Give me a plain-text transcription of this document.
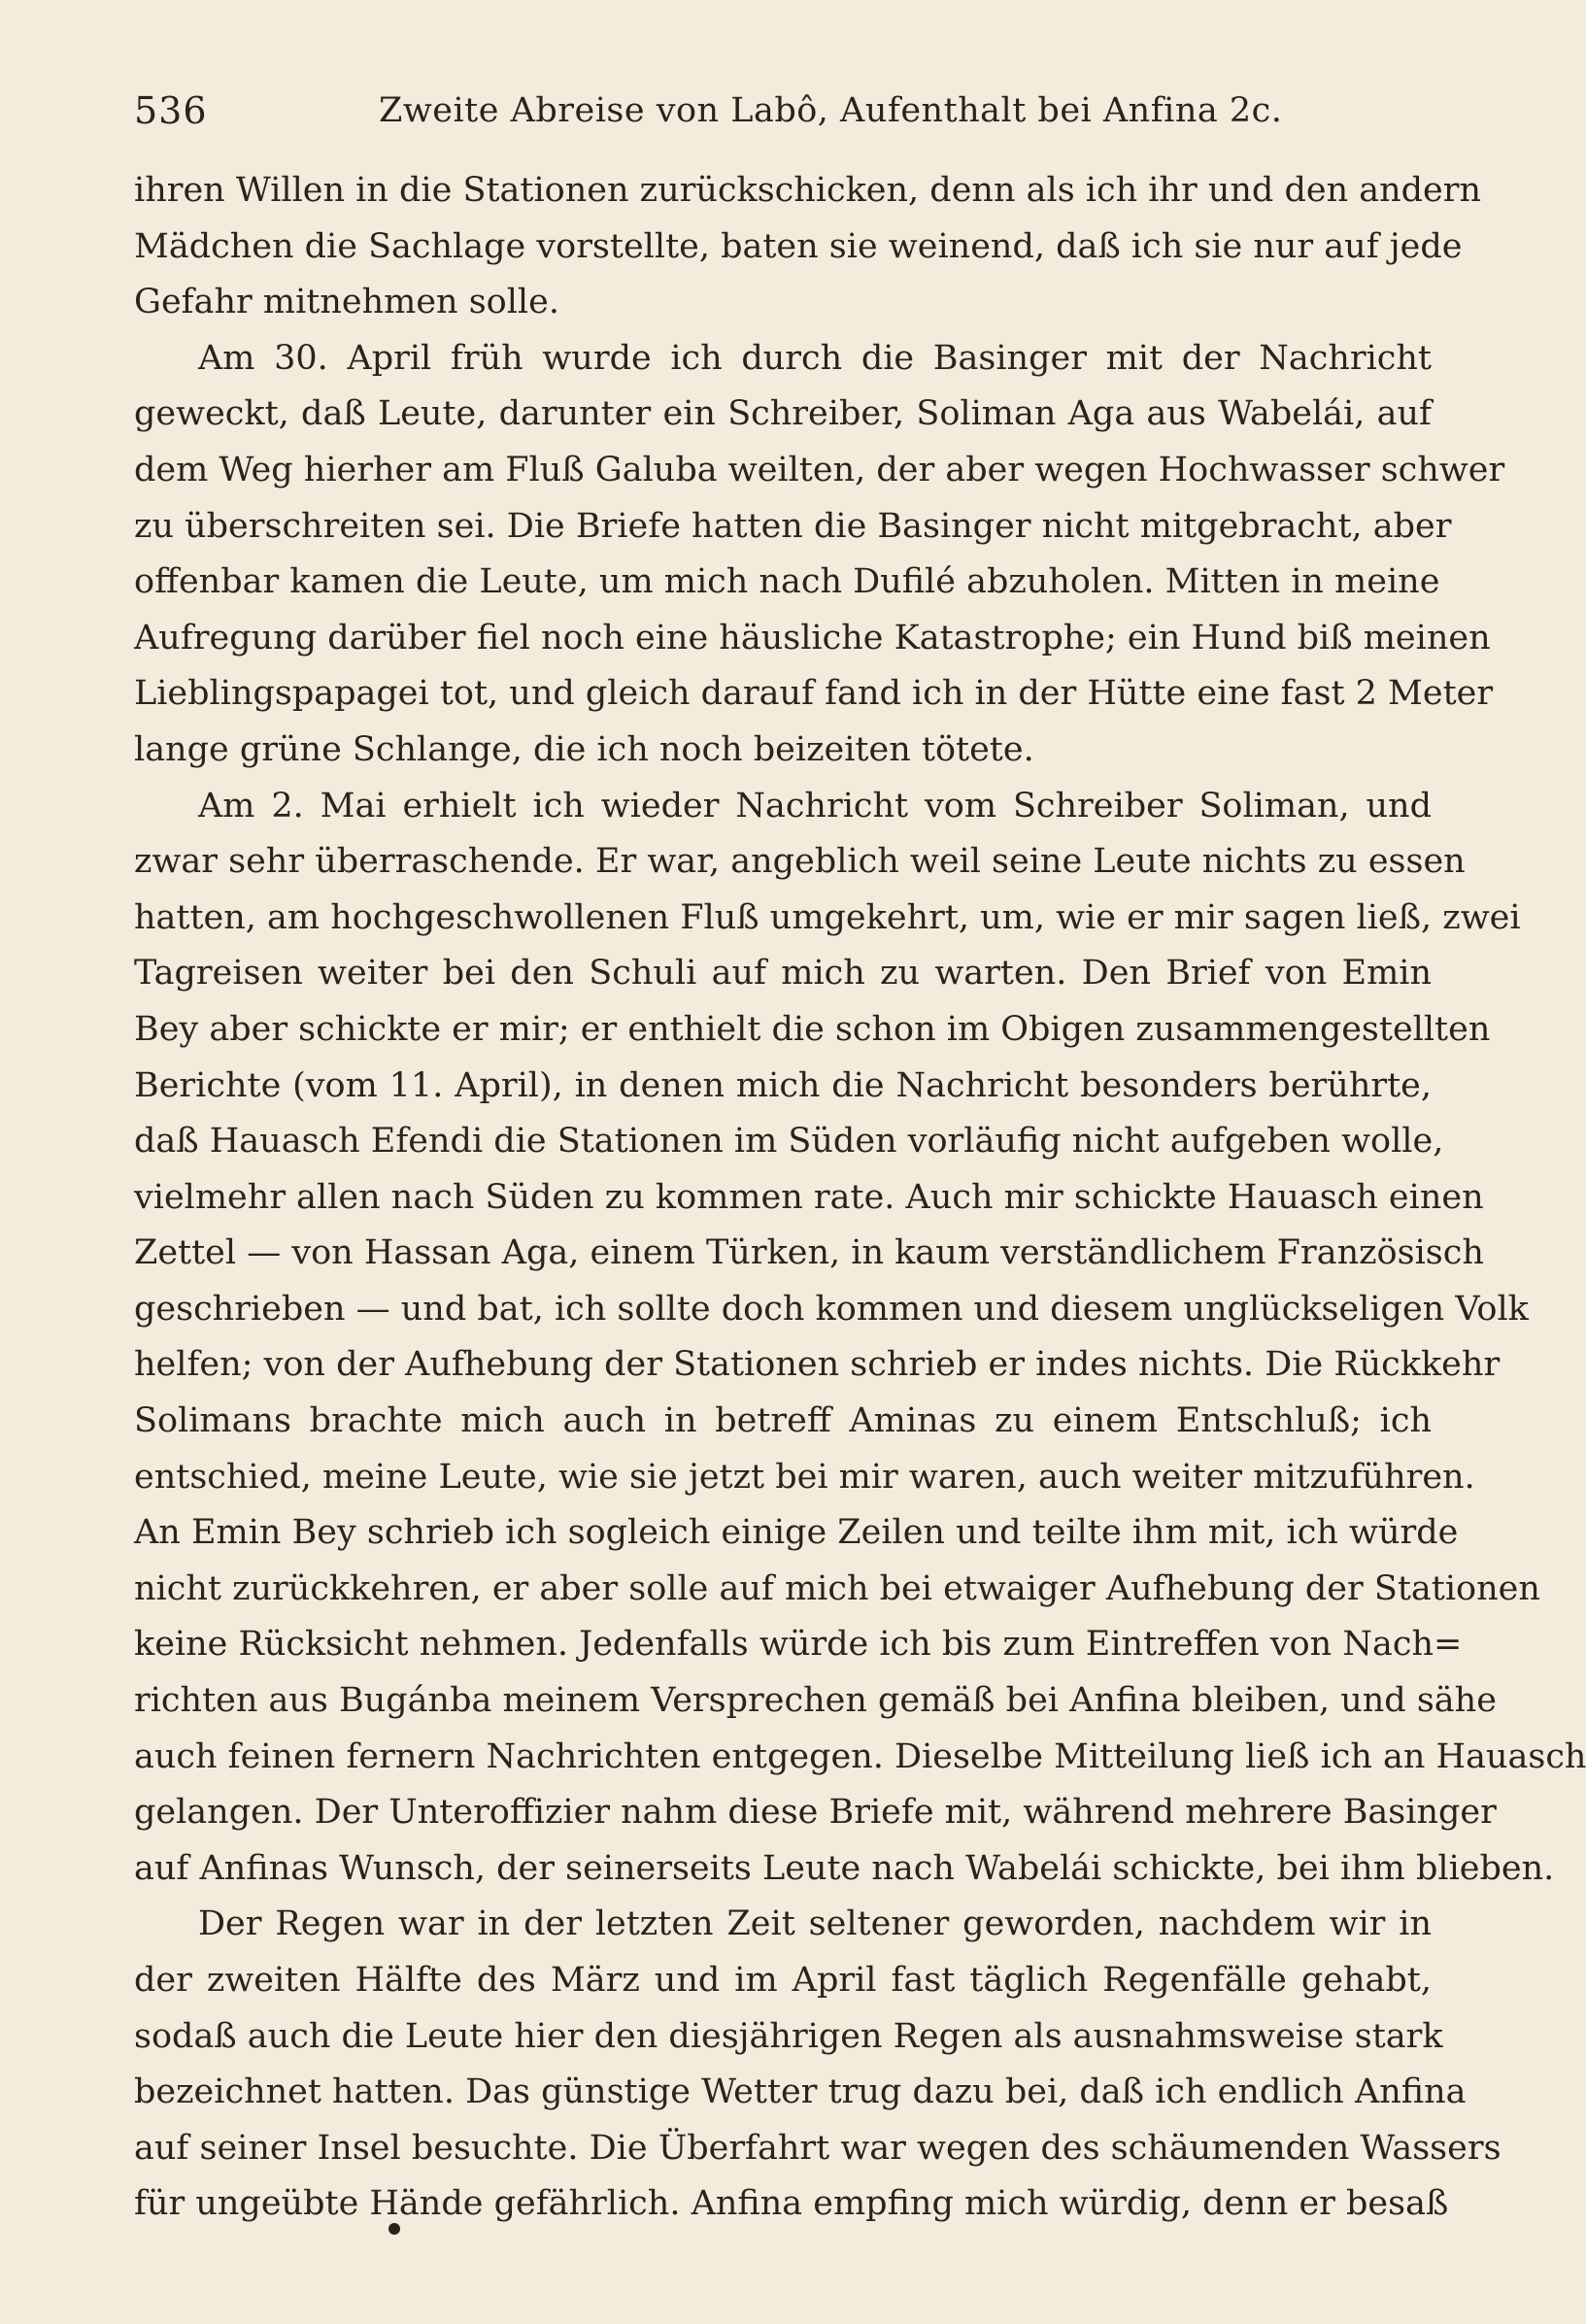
536	Zweite Abreise von Labô, Aufenthalt bei Anfina 2c.
ihren Willen in die Stationen zurückschicken, denn als ich ihr und den andern
Mädchen die Sachlage vorstellte, baten sie weinend, daß ich sie nur auf jede
Gefahr mitnehmen solle.
Am 30. April früh wurde ich durch die Basinger mit der Nachricht
geweckt, daß Leute, darunter ein Schreiber, Soliman Aga aus Wabelái, auf
dem Weg hierher am Fluß Galuba weilten, der aber wegen Hochwasser schwer
zu überschreiten sei. Die Briefe hatten die Basinger nicht mitgebracht, aber
offenbar kamen die Leute, um mich nach Dufilé abzuholen. Mitten in meine
Aufregung darüber fiel noch eine häusliche Katastrophe; ein Hund biß meinen
Lieblingspapagei tot, und gleich darauf fand ich in der Hütte eine fast 2 Meter
lange grüne Schlange, die ich noch beizeiten tötete.
Am 2. Mai erhielt ich wieder Nachricht vom Schreiber Soliman, und
zwar sehr überraschende. Er war, angeblich weil seine Leute nichts zu essen
hatten, am hochgeschwollenen Fluß umgekehrt, um, wie er mir sagen ließ, zwei
Tagreisen weiter bei den Schuli auf mich zu warten. Den Brief von Emin
Bey aber schickte er mir; er enthielt die schon im Obigen zusammengestellten
Berichte (vom 11. April), in denen mich die Nachricht besonders berührte,
daß Hauasch Efendi die Stationen im Süden vorläufig nicht aufgeben wolle,
vielmehr allen nach Süden zu kommen rate. Auch mir schickte Hauasch einen
Zettel — von Hassan Aga, einem Türken, in kaum verständlichem Französisch
geschrieben — und bat, ich sollte doch kommen und diesem unglückseligen Volk
helfen; von der Aufhebung der Stationen schrieb er indes nichts. Die Rückkehr
Solimans brachte mich auch in betreff Aminas zu einem Entschluß; ich
entschied, meine Leute, wie sie jetzt bei mir waren, auch weiter mitzuführen.
An Emin Bey schrieb ich sogleich einige Zeilen und teilte ihm mit, ich würde
nicht zurückkehren, er aber solle auf mich bei etwaiger Aufhebung der Stationen
keine Rücksicht nehmen. Jedenfalls würde ich bis zum Eintreffen von Nach=
richten aus Bugánba meinem Versprechen gemäß bei Anfina bleiben, und sähe
auch feinen fernern Nachrichten entgegen. Dieselbe Mitteilung ließ ich an Hauasch
gelangen. Der Unteroffizier nahm diese Briefe mit, während mehrere Basinger
auf Anfinas Wunsch, der seinerseits Leute nach Wabelái schickte, bei ihm blieben.
Der Regen war in der letzten Zeit seltener geworden, nachdem wir in
der zweiten Hälfte des März und im April fast täglich Regenfälle gehabt,
sodaß auch die Leute hier den diesjährigen Regen als ausnahmsweise stark
bezeichnet hatten. Das günstige Wetter trug dazu bei, daß ich endlich Anfina
auf seiner Insel besuchte. Die Überfahrt war wegen des schäumenden Wassers
für ungeübte Hände gefährlich. Anfina empfing mich würdig, denn er besaß
